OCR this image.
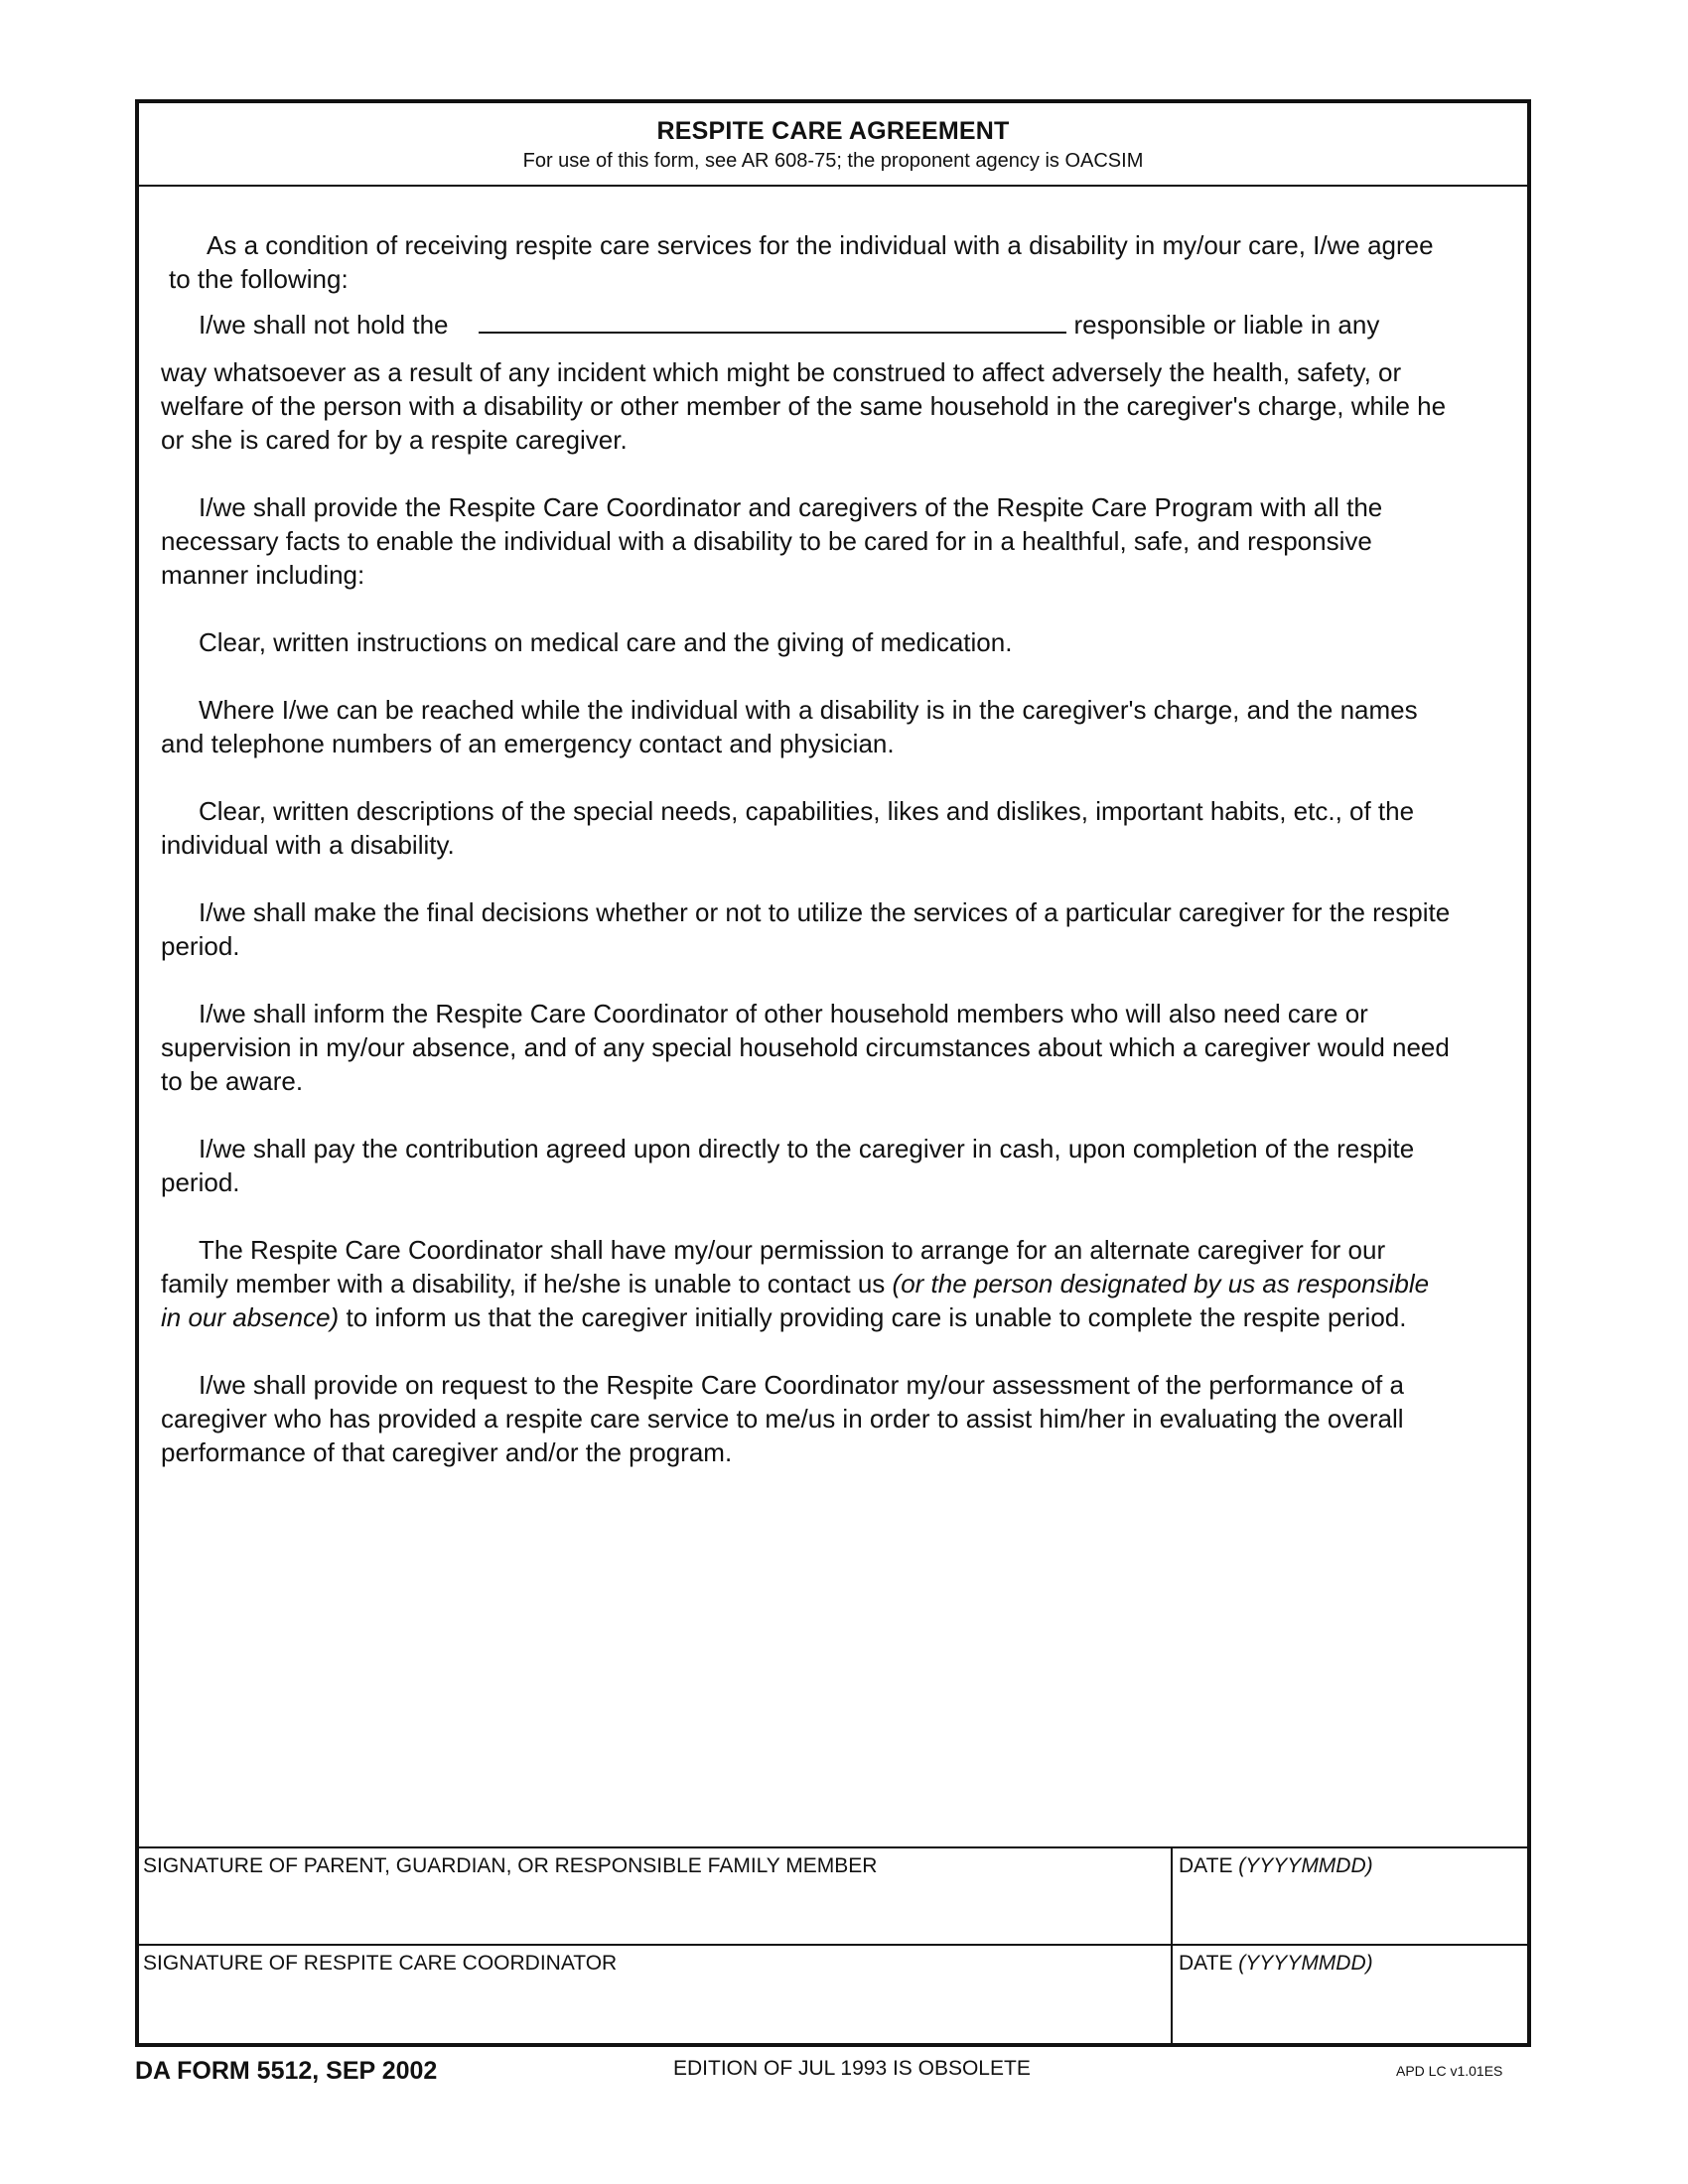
RESPITE CARE AGREEMENT
For use of this form, see AR 608-75; the proponent agency is OACSIM

As a condition of receiving respite care services for the individual with a disability in my/our care, I/we agree to the following:

I/we shall not hold the	responsible or liable in any

way whatsoever as a result of any incident which might be construed to affect adversely the health, safety, or welfare of the person with a disability or other member of the same household in the caregiver's charge, while he or she is cared for by a respite caregiver.

I/we shall provide the Respite Care Coordinator and caregivers of the Respite Care Program with all the necessary facts to enable the individual with a disability to be cared for in a healthful, safe, and responsive manner including:

Clear, written instructions on medical care and the giving of medication.

Where I/we can be reached while the individual with a disability is in the caregiver's charge, and the names and telephone numbers of an emergency contact and physician.

Clear, written descriptions of the special needs, capabilities, likes and dislikes, important habits, etc., of the individual with a disability.

I/we shall make the final decisions whether or not to utilize the services of a particular caregiver for the respite period.

I/we shall inform the Respite Care Coordinator of other household members who will also need care or supervision in my/our absence, and of any special household circumstances about which a caregiver would need to be aware.

I/we shall pay the contribution agreed upon directly to the caregiver in cash, upon completion of the respite period.

The Respite Care Coordinator shall have my/our permission to arrange for an alternate caregiver for our family member with a disability, if he/she is unable to contact us (or the person designated by us as responsible in our absence) to inform us that the caregiver initially providing care is unable to complete the respite period.

I/we shall provide on request to the Respite Care Coordinator my/our assessment of the performance of a caregiver who has provided a respite care service to me/us in order to assist him/her in evaluating the overall performance of that caregiver and/or the program.

SIGNATURE OF PARENT, GUARDIAN, OR RESPONSIBLE FAMILY MEMBER	DATE (YYYYMMDD)
SIGNATURE OF RESPITE CARE COORDINATOR	DATE (YYYYMMDD)
DA FORM 5512, SEP 2002	EDITION OF JUL 1993 IS OBSOLETE	APD LC v1.01ES
